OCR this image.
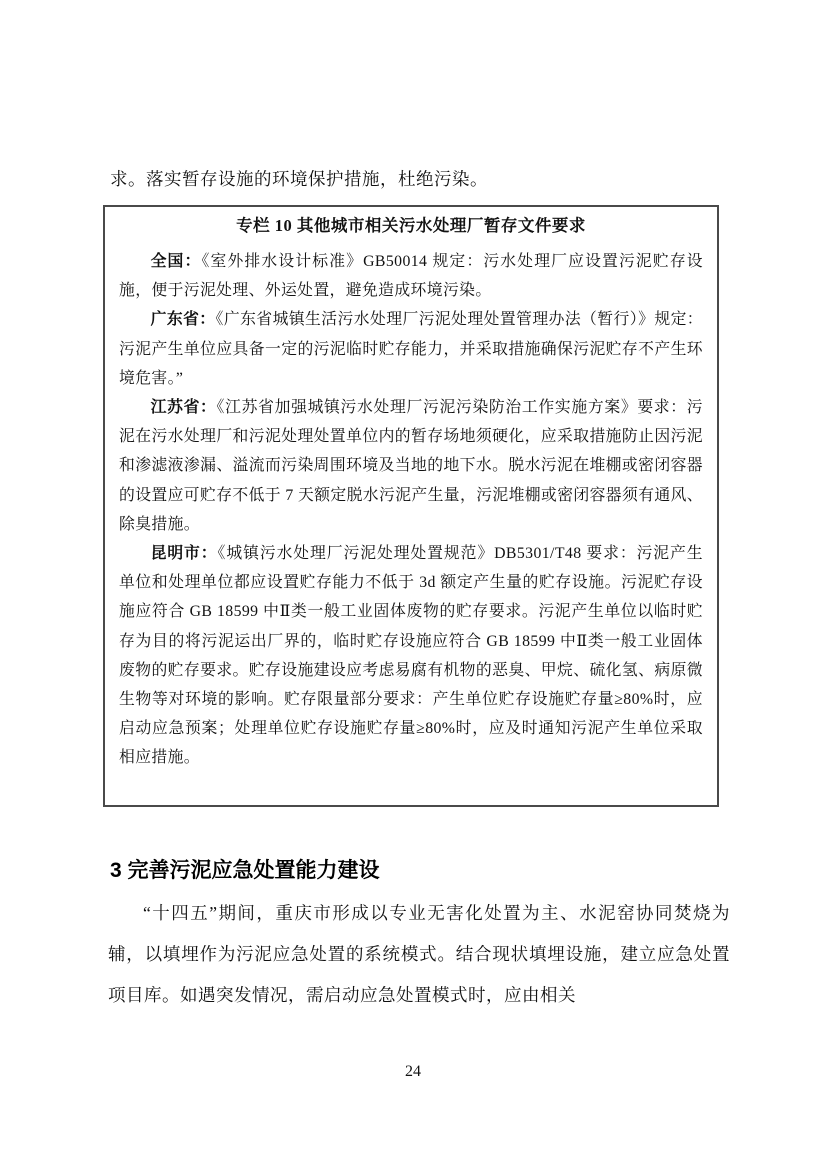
求。落实暂存设施的环境保护措施，杜绝污染。

专栏 10 其他城市相关污水处理厂暂存文件要求

全国：《室外排水设计标准》GB50014 规定：污水处理厂应设置污泥贮存设施，便于污泥处理、外运处置，避免造成环境污染。

广东省：《广东省城镇生活污水处理厂污泥处理处置管理办法（暂行）》规定：污泥产生单位应具备一定的污泥临时贮存能力，并采取措施确保污泥贮存不产生环境危害。”

江苏省：《江苏省加强城镇污水处理厂污泥污染防治工作实施方案》要求：污泥在污水处理厂和污泥处理处置单位内的暂存场地须硬化，应采取措施防止因污泥和渗滤液渗漏、溢流而污染周围环境及当地的地下水。脱水污泥在堆棚或密闭容器的设置应可贮存不低于 7 天额定脱水污泥产生量，污泥堆棚或密闭容器须有通风、除臭措施。

昆明市：《城镇污水处理厂污泥处理处置规范》DB5301/T48 要求：污泥产生单位和处理单位都应设置贮存能力不低于 3d 额定产生量的贮存设施。污泥贮存设施应符合 GB 18599 中Ⅱ类一般工业固体废物的贮存要求。污泥产生单位以临时贮存为目的将污泥运出厂界的，临时贮存设施应符合 GB 18599 中Ⅱ类一般工业固体废物的贮存要求。贮存设施建设应考虑易腐有机物的恶臭、甲烷、硫化氢、病原微生物等对环境的影响。贮存限量部分要求：产生单位贮存设施贮存量≥80%时，应启动应急预案；处理单位贮存设施贮存量≥80%时，应及时通知污泥产生单位采取相应措施。

3 完善污泥应急处置能力建设

“十四五”期间，重庆市形成以专业无害化处置为主、水泥窑协同焚烧为辅，以填埋作为污泥应急处置的系统模式。结合现状填埋设施，建立应急处置项目库。如遇突发情况，需启动应急处置模式时，应由相关

24
